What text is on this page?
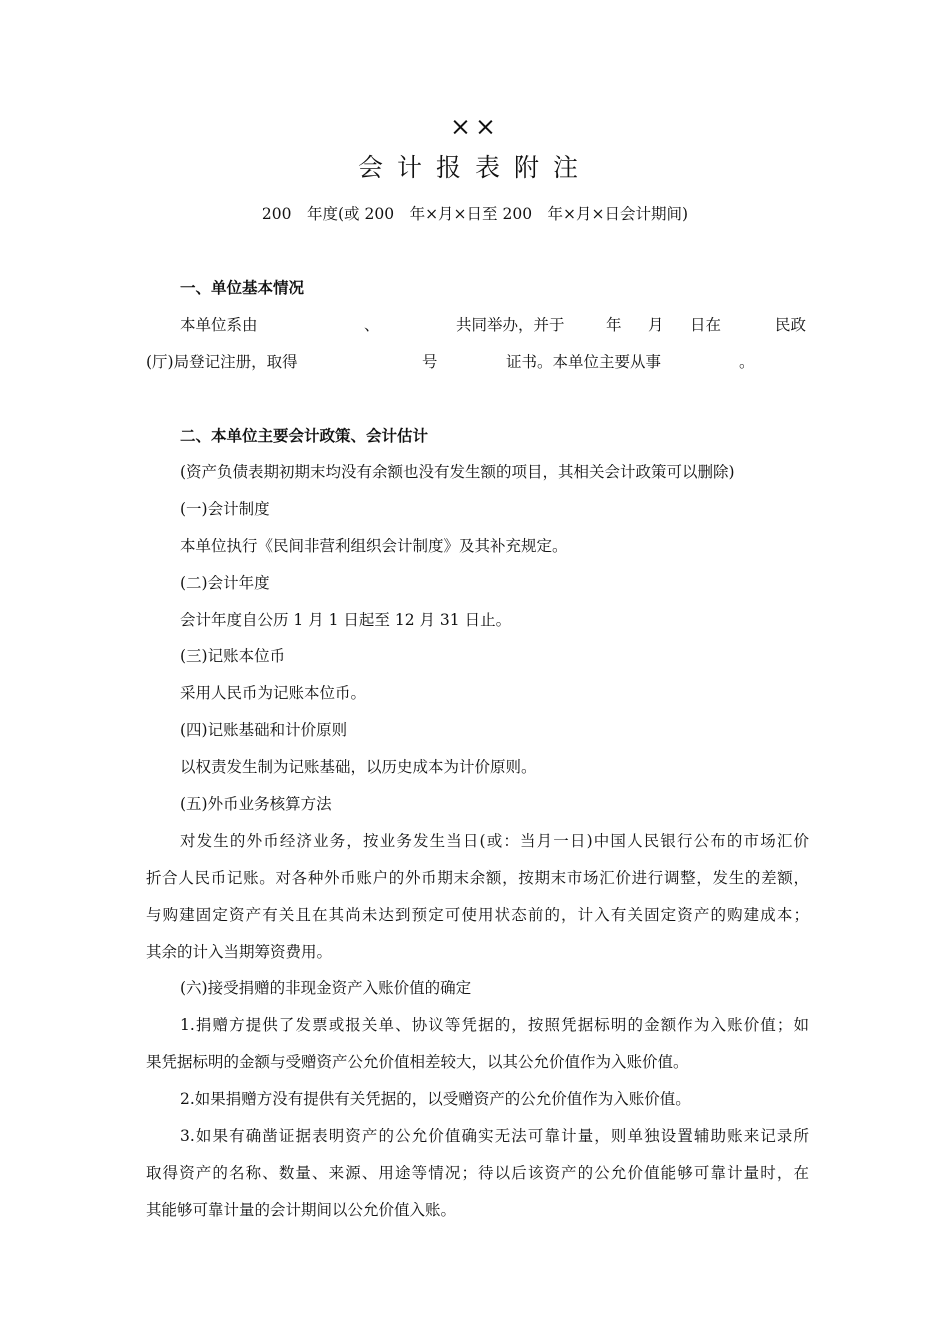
××
会计报表附注
200　年度(或 200　年×月×日至 200　年×月×日会计期间)
一、单位基本情况
本单位系由	、	共同举办，并于	年 月 日在	民政
(厅)局登记注册，取得	号	证书。本单位主要从事	。
二、本单位主要会计政策、会计估计
(资产负债表期初期末均没有余额也没有发生额的项目，其相关会计政策可以删除)
(一)会计制度
本单位执行《民间非营利组织会计制度》及其补充规定。
(二)会计年度
会计年度自公历 1 月 1 日起至 12 月 31 日止。
(三)记账本位币
采用人民币为记账本位币。
(四)记账基础和计价原则
以权责发生制为记账基础，以历史成本为计价原则。
(五)外币业务核算方法
对发生的外币经济业务，按业务发生当日(或：当月一日)中国人民银行公布的市场汇价
折合人民币记账。对各种外币账户的外币期末余额，按期末市场汇价进行调整，发生的差额，
与购建固定资产有关且在其尚未达到预定可使用状态前的，计入有关固定资产的购建成本；
其余的计入当期筹资费用。
(六)接受捐赠的非现金资产入账价值的确定
1.捐赠方提供了发票或报关单、协议等凭据的，按照凭据标明的金额作为入账价值；如
果凭据标明的金额与受赠资产公允价值相差较大，以其公允价值作为入账价值。
2.如果捐赠方没有提供有关凭据的，以受赠资产的公允价值作为入账价值。
3.如果有确凿证据表明资产的公允价值确实无法可靠计量，则单独设置辅助账来记录所
取得资产的名称、数量、来源、用途等情况；待以后该资产的公允价值能够可靠计量时，在
其能够可靠计量的会计期间以公允价值入账。
